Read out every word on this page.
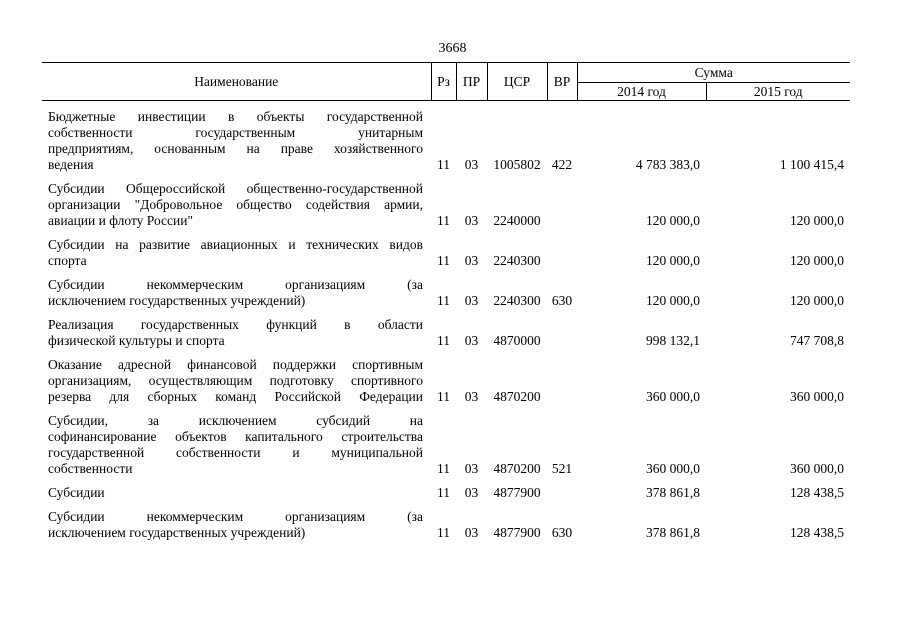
3668
Наименование	Рз	ПР	ЦСР	ВР	Сумма	
					2014 год	2015 год

Бюджетные инвестиции в объекты государственной
собственности государственным унитарным
предприятиям, основанным на праве хозяйственного
ведения	11	03	1005802	422	4 783 383,0	1 100 415,4

Субсидии Общероссийской общественно-государственной
организации "Добровольное общество содействия армии,
авиации и флоту России"	11	03	2240000		120 000,0	120 000,0

Субсидии на развитие авиационных и технических видов
спорта	11	03	2240300		120 000,0	120 000,0

Субсидии некоммерческим организациям (за
исключением государственных учреждений)	11	03	2240300	630	120 000,0	120 000,0

Реализация государственных функций в области
физической культуры и спорта	11	03	4870000		998 132,1	747 708,8

Оказание адресной финансовой поддержки спортивным
организациям, осуществляющим подготовку спортивного
резерва для сборных команд Российской Федерации	11	03	4870200		360 000,0	360 000,0

Субсидии, за исключением субсидий на
софинансирование объектов капитального строительства
государственной собственности и муниципальной
собственности	11	03	4870200	521	360 000,0	360 000,0

Субсидии	11	03	4877900		378 861,8	128 438,5

Субсидии некоммерческим организациям (за
исключением государственных учреждений)	11	03	4877900	630	378 861,8	128 438,5
